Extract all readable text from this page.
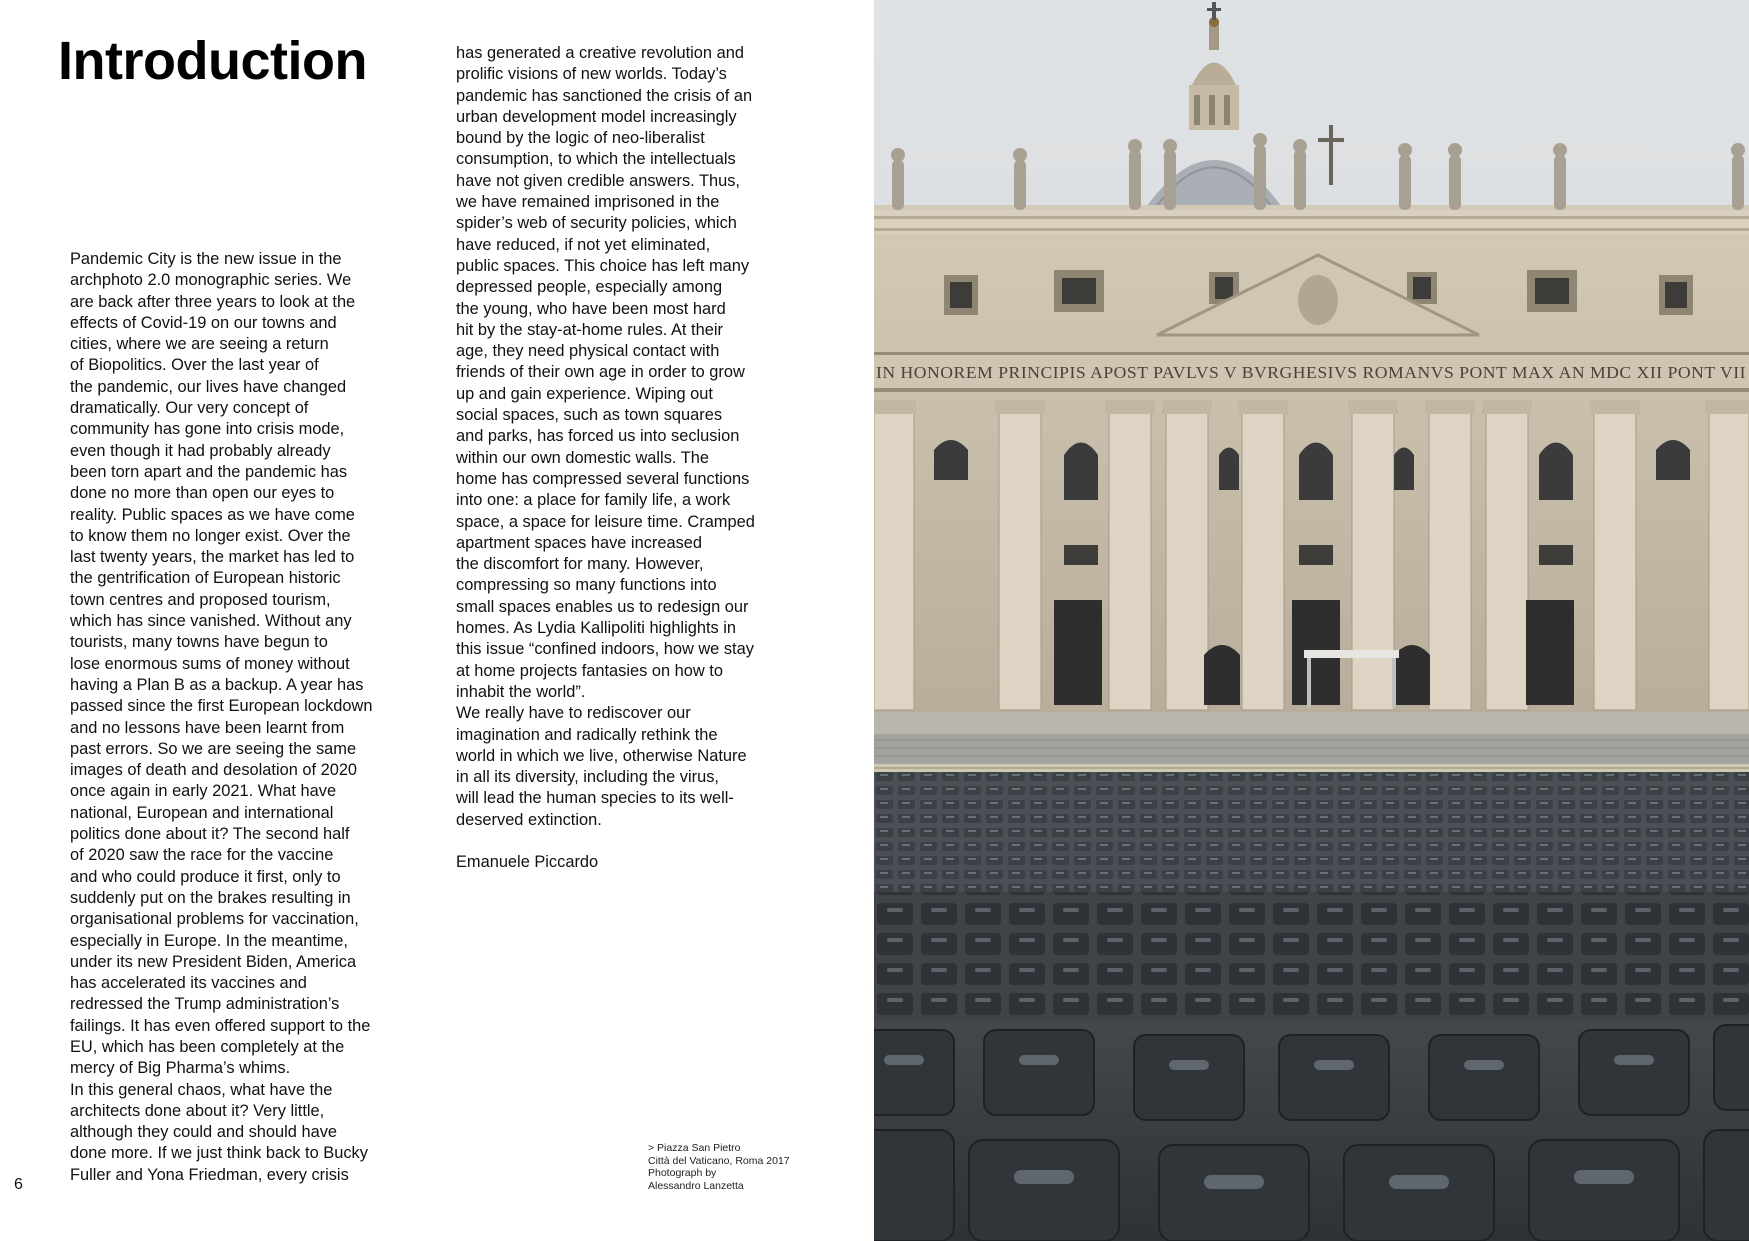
Introduction

Pandemic City is the new issue in the

archphoto 2.0 monographic series. We

are back after three years to look at the

effects of Covid-19 on our towns and

cities, where we are seeing a return

of Biopolitics. Over the last year of

the pandemic, our lives have changed

dramatically. Our very concept of

community has gone into crisis mode,

even though it had probably already

been torn apart and the pandemic has

done no more than open our eyes to

reality. Public spaces as we have come

to know them no longer exist. Over the

last twenty years, the market has led to

the gentrification of European historic

town centres and proposed tourism,

which has since vanished. Without any

tourists, many towns have begun to

lose enormous sums of money without

having a Plan B as a backup. A year has

passed since the first European lockdown

and no lessons have been learnt from

past errors. So we are seeing the same

images of death and desolation of 2020

once again in early 2021. What have

national, European and international

politics done about it? The second half

of 2020 saw the race for the vaccine

and who could produce it first, only to

suddenly put on the brakes resulting in

organisational problems for vaccination,

especially in Europe. In the meantime,

under its new President Biden, America

has accelerated its vaccines and

redressed the Trump administration’s

failings. It has even offered support to the

EU, which has been completely at the

mercy of Big Pharma’s whims.

In this general chaos, what have the

architects done about it? Very little,

although they could and should have

done more. If we just think back to Bucky

Fuller and Yona Friedman, every crisis

has generated a creative revolution and

prolific visions of new worlds. Today’s

pandemic has sanctioned the crisis of an

urban development model increasingly

bound by the logic of neo-liberalist

consumption, to which the intellectuals

have not given credible answers. Thus,

we have remained imprisoned in the

spider’s web of security policies, which

have reduced, if not yet eliminated,

public spaces. This choice has left many

depressed people, especially among

the young, who have been most hard

hit by the stay-at-home rules. At their

age, they need physical contact with

friends of their own age in order to grow

up and gain experience. Wiping out

social spaces, such as town squares

and parks, has forced us into seclusion

within our own domestic walls. The

home has compressed several functions

into one: a place for family life, a work

space, a space for leisure time. Cramped

apartment spaces have increased

the discomfort for many. However,

compressing so many functions into

small spaces enables us to redesign our

homes. As Lydia Kallipoliti highlights in

this issue “confined indoors, how we stay

at home projects fantasies on how to

inhabit the world”.

We really have to rediscover our

imagination and radically rethink the

world in which we live, otherwise Nature

in all its diversity, including the virus,

will lead the human species to its well-

deserved extinction.

Emanuele Piccardo

6
> Piazza San Pietro
Città del Vaticano, Roma 2017
Photograph by
Alessandro Lanzetta
IN HONOREM PRINCIPIS APOST PAVLVS V BVRGHESIVS ROMANVS PONT MAX AN MDC XII PONT VII
